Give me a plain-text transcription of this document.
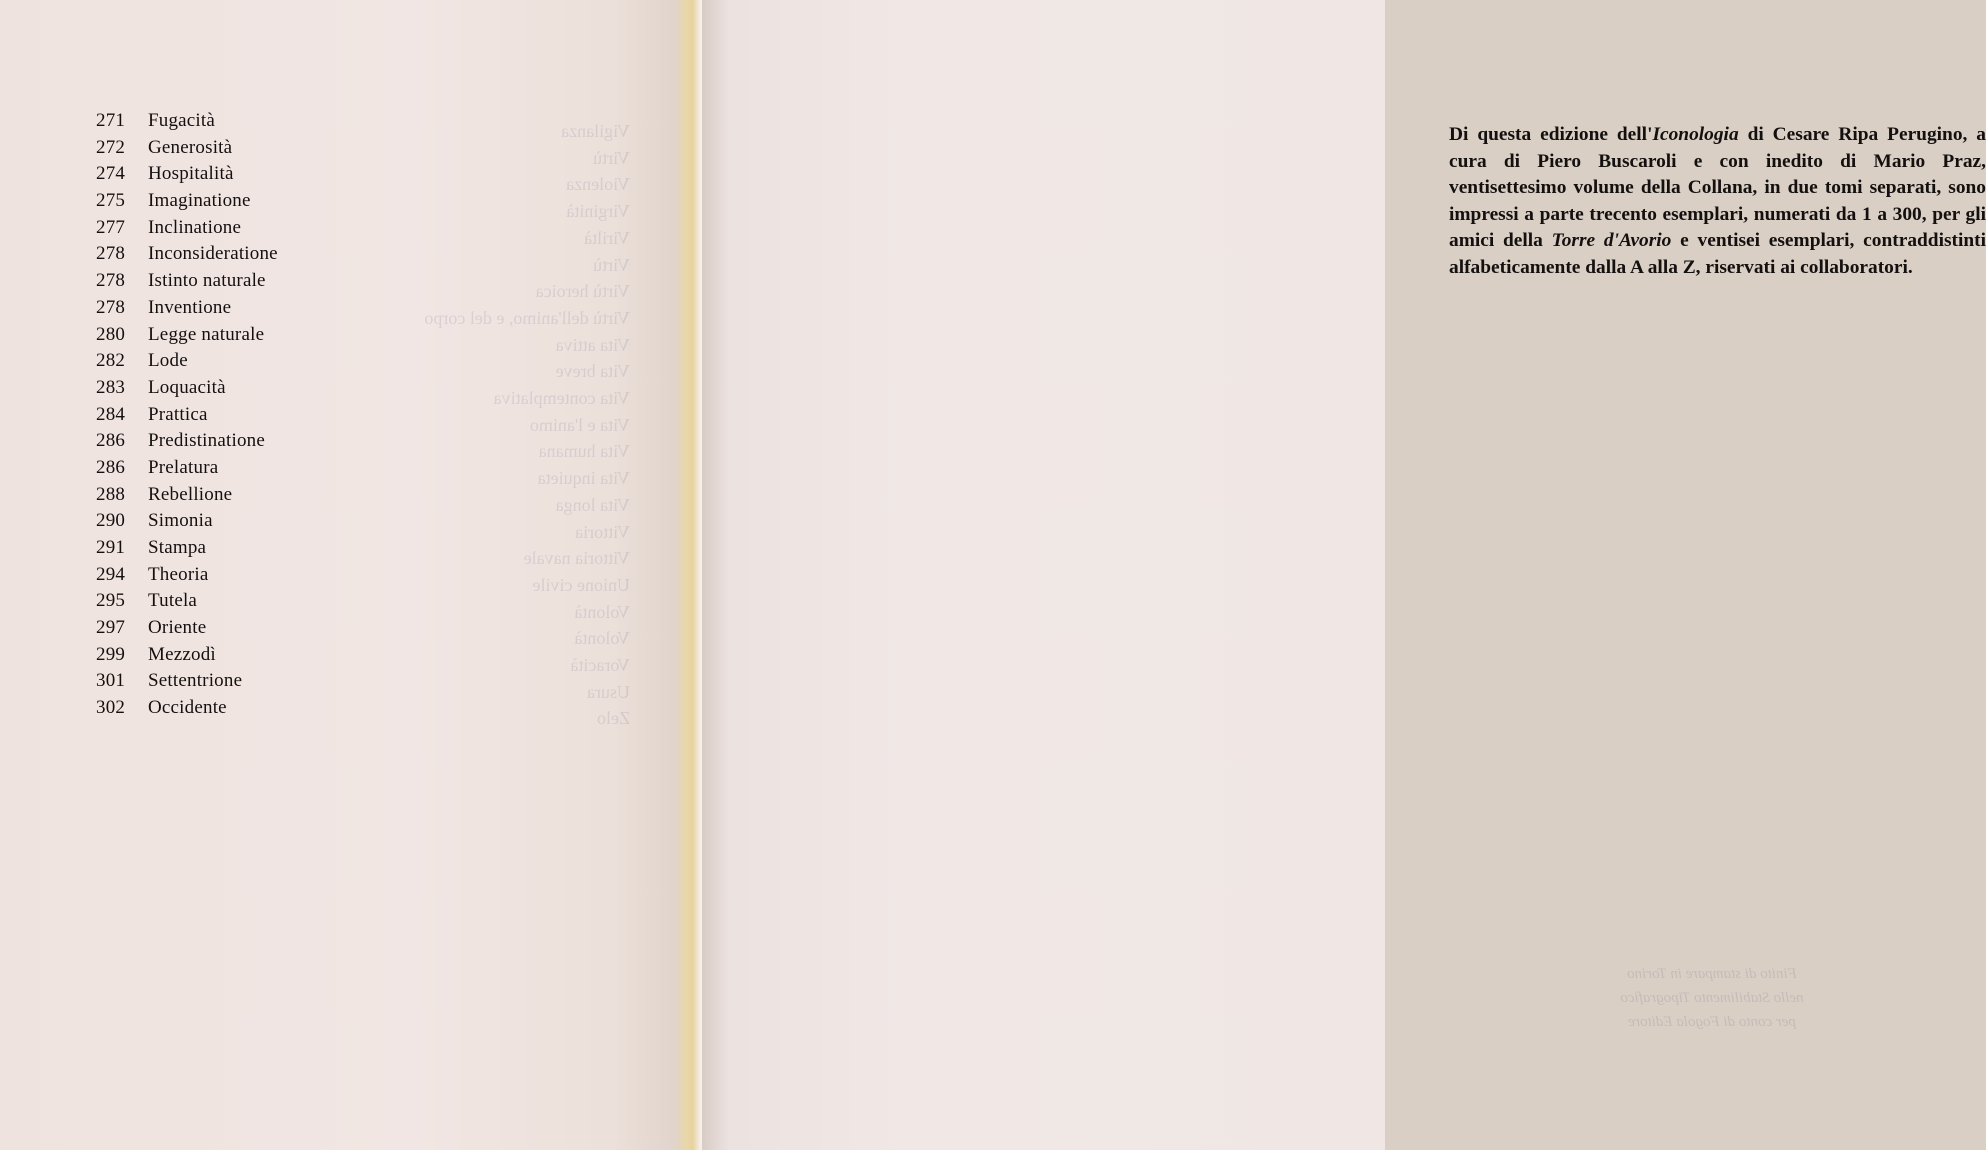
Vigilanza
Virtù
Violenza
Virginità
Viriltà
Virtù
Virtù heroica
Virtù dell'animo, e del corpo
Vita attiva
Vita breve
Vita contemplativa
Vita e l'animo
Vita humana
Vita inquieta
Vita longa
Vittoria
Vittoria navale
Unione civile
Volontà
Volontà
Voracità
Usura
Zelo
271	Fugacità
272	Generosità
274	Hospitalità
275	Imaginatione
277	Inclinatione
278	Inconsideratione
278	Istinto naturale
278	Inventione
280	Legge naturale
282	Lode
283	Loquacità
284	Prattica
286	Predistinatione
286	Prelatura
288	Rebellione
290	Simonia
291	Stampa
294	Theoria
295	Tutela
297	Oriente
299	Mezzodì
301	Settentrione
302	Occidente

Di questa edizione dell'Iconologia di Cesare Ripa Perugino, a cura di Piero Buscaroli e con inedito di Mario Praz, ventisettesimo volume della Collana, in due tomi separati, sono impressi a parte trecento esemplari, numerati da 1 a 300, per gli amici della Torre d'Avorio e ventisei esemplari, contraddistinti alfabeticamente dalla A alla Z, riservati ai collaboratori.

Finito di stampare in Torino
nello Stabilimento Tipografico
per conto di Fogola Editore
